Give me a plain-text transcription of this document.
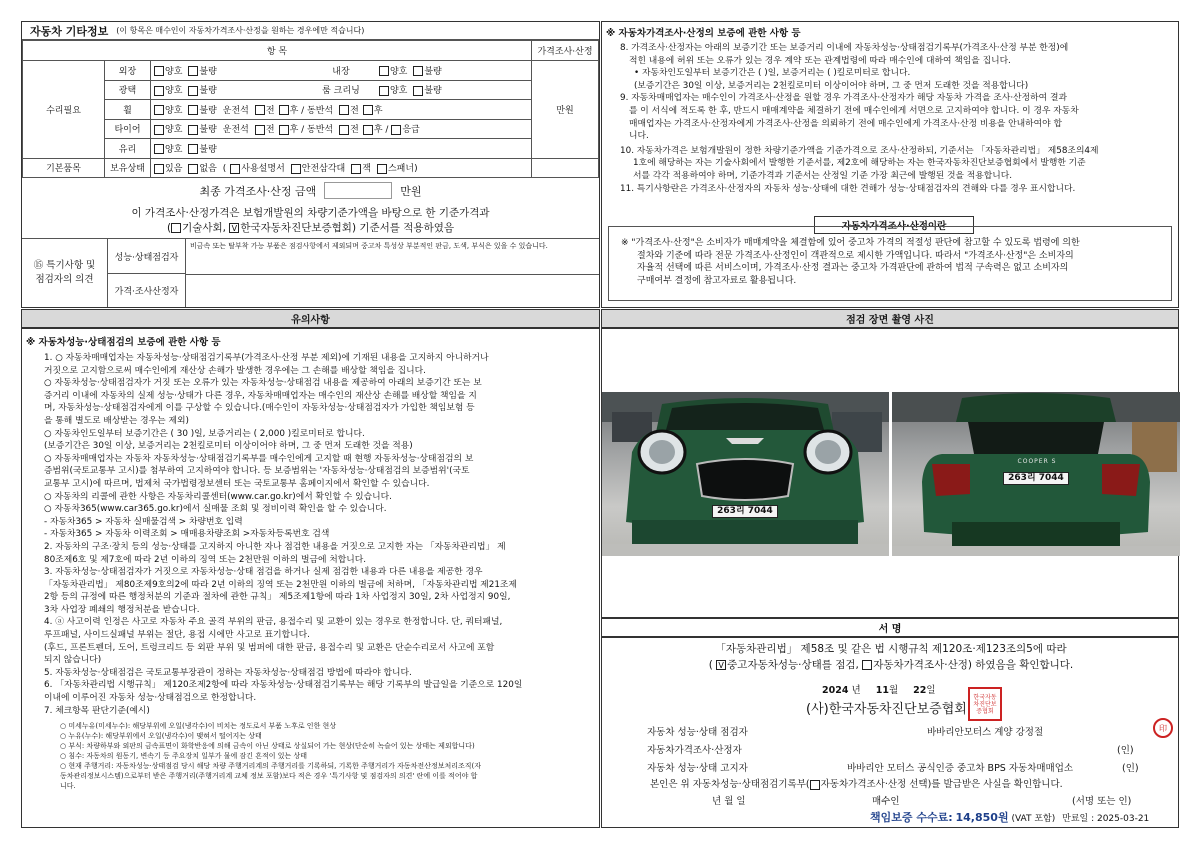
자동차 기타정보 (이 항목은 매수인이 자동차가격조사·산정을 원하는 경우에만 적습니다)
항 목					가격조사·산정
수리필요	외장	양호 불량	내장	양호 불량	만원
	광택	양호 불량	룸 크리닝	양호 불량	
	휠	양호 불량 운전석 전 후 / 동반석 전 후			
	타이어	양호 불량 운전석 전 후 / 동반석 전 후 / 응급			
	유리	양호 불량			
기본품목	보유상태	있음 없음 ( 사용설명서 안전삼각대 잭 스패너)			
최종 가격조사·산정 금액	만원
이 가격조사·산정가격은 보험개발원의 차량기준가액을 바탕으로 한 기준가격과
( 기술사회, V 한국자동차진단보증협회) 기준서를 적용하였음
⑮ 특기사항 및
점검자의 의견
성능·상태점검자
비금속 또는 탈부착 가능 부품은 점검사항에서 제외되며 중고차 특성상 부분적인 판금, 도색, 부식은 있을 수 있습니다.
가격·조사산정자
※ 자동차가격조사·산정의 보증에 관한 사항 등
8. 가격조사·산정자는 아래의 보증기간 또는 보증거리 이내에 자동차성능·상태점검기록부(가격조사·산정 부분 한정)에
적힌 내용에 허위 또는 오류가 있는 경우 계약 또는 관계법령에 따라 매수인에 대하여 책임을 집니다.
• 자동차인도일부터 보증기간은 ( )일, 보증거리는 ( )킬로미터로 합니다.
(보증기간은 30일 이상, 보증거리는 2천킬로미터 이상이어야 하며, 그 중 먼저 도래한 것을 적용합니다)
9. 자동차매매업자는 매수인이 가격조사·산정을 원할 경우 가격조사·산정자가 해당 자동차 가격을 조사·산정하여 결과
를 이 서식에 적도록 한 후, 반드시 매매계약을 체결하기 전에 매수인에게 서면으로 고지하여야 합니다. 이 경우 자동차
매매업자는 가격조사·산정자에게 가격조사·산정을 의뢰하기 전에 매수인에게 가격조사·산정 비용을 안내하여야 합
니다.
10. 자동차가격은 보험개발원이 정한 차량기준가액을 기준가격으로 조사·산정하되, 기준서는 「자동차관리법」 제58조의4제
1호에 해당하는 자는 기술사회에서 발행한 기준서를, 제2호에 해당하는 자는 한국자동차진단보증협회에서 발행한 기준
서를 각각 적용하여야 하며, 기준가격과 기준서는 산정일 기준 가장 최근에 발행된 것을 적용합니다.
11. 특기사항란은 가격조사·산정자의 자동차 성능·상태에 대한 견해가 성능·상태점검자의 견해와 다를 경우 표시합니다.
자동차가격조사·산정이란
※ "가격조사·산정"은 소비자가 매매계약을 체결함에 있어 중고차 가격의 적절성 판단에 참고할 수 있도록 법령에 의한
절차와 기준에 따라 전문 가격조사·산정인이 객관적으로 제시한 가액입니다. 따라서 "가격조사·산정"은 소비자의
자율적 선택에 따른 서비스이며, 가격조사·산정 결과는 중고차 가격판단에 관하여 법적 구속력은 없고 소비자의
구매여부 결정에 참고자료로 활용됩니다.
유의사항
※ 자동차성능·상태점검의 보증에 관한 사항 등
1. ○ 자동차매매업자는 자동차성능·상태점검기록부(가격조사·산정 부분 제외)에 기재된 내용을 고지하지 아니하거나
거짓으로 고지함으로써 매수인에게 재산상 손해가 발생한 경우에는 그 손해를 배상할 책임을 집니다.
○ 자동차성능·상태점검자가 거짓 또는 오류가 있는 자동차성능·상태점검 내용을 제공하여 아래의 보증기간 또는 보
증거리 이내에 자동차의 실제 성능·상태가 다른 경우, 자동차매매업자는 매수인의 재산상 손해를 배상할 책임을 지
며, 자동차성능·상태점검자에게 이를 구상할 수 있습니다.(매수인이 자동차성능·상태점검자가 가입한 책임보험 등
을 통해 별도로 배상받는 경우는 제외)
○ 자동차인도일부터 보증기간은 ( 30 )일, 보증거리는 ( 2,000 )킬로미터로 합니다.
(보증기간은 30일 이상, 보증거리는 2천킬로미터 이상이어야 하며, 그 중 먼저 도래한 것을 적용)
○ 자동차매매업자는 자동차 자동차성능·상태점검기록부를 매수인에게 고지할 때 현행 자동차성능·상태점검의 보
증범위(국토교통부 고시)를 첨부하여 고지하여야 합니다. 등 보증범위는 '자동차성능·상태점검의 보증범위'(국토
교통부 고시)에 따르며, 법제처 국가법령정보센터 또는 국토교통부 홈페이지에서 확인할 수 있습니다.
○ 자동차의 리콜에 관한 사항은 자동차리콜센터(www.car.go.kr)에서 확인할 수 있습니다.
○ 자동차365(www.car365.go.kr)에서 실매물 조회 및 정비이력 확인을 할 수 있습니다.
- 자동차365 > 자동차 실매물검색 > 차량번호 입력
- 자동차365 > 자동차 이력조회 > 매매용차량조회 >자동차등록번호 검색
2. 자동차의 구조·장치 등의 성능·상태를 고지하지 아니한 자나 점검한 내용을 거짓으로 고지한 자는 「자동차관리법」 제
80조제6호 및 제7호에 따라 2년 이하의 징역 또는 2천만원 이하의 벌금에 처합니다.
3. 자동차성능·상태점검자가 거짓으로 자동차성능·상태 점검을 하거나 실제 점검한 내용과 다른 내용을 제공한 경우
「자동차관리법」 제80조제9호의2에 따라 2년 이하의 징역 또는 2천만원 이하의 벌금에 처하며, 「자동차관리법 제21조제
2항 등의 규정에 따른 행정처분의 기준과 절차에 관한 규칙」 제5조제1항에 따라 1차 사업정지 30일, 2차 사업정지 90일,
3차 사업장 폐쇄의 행정처분을 받습니다.
4. ⓐ 사고이력 인정은 사고로 자동차 주요 골격 부위의 판금, 용접수리 및 교환이 있는 경우로 한정합니다. 단, 쿼터패널,
루프패널, 사이드실패널 부위는 절단, 용접 시에만 사고로 표기합니다.
(후드, 프론트펜더, 도어, 트렁크리드 등 외판 부위 및 범퍼에 대한 판금, 용접수리 및 교환은 단순수리로서 사고에 포함
되지 않습니다)
5. 자동차성능·상태점검은 국토교통부장관이 정하는 자동차성능·상태점검 방법에 따라야 합니다.
6. 「자동차관리법 시행규칙」 제120조제2항에 따라 자동차성능·상태점검기록부는 해당 기록부의 발급일을 기준으로 120일
이내에 이루어진 자동차 성능·상태점검으로 한정합니다.
7. 체크항목 판단기준(예시)
○ 미세누유(미세누수): 해당부위에 오일(냉각수)이 비치는 정도로서 부품 노후로 인한 현상
○ 누유(누수): 해당부위에서 오일(냉각수)이 맺혀서 떨어지는 상태
○ 부식: 차량하부와 외판의 금속표면이 화학반응에 의해 금속이 아닌 상태로 상실되어 가는 현상(단순히 녹슬어 있는 상태는 제외합니다)
○ 침수: 자동차의 원동기, 변속기 등 주요장치 일부가 물에 잠긴 흔적이 있는 상태
○ 현재 주행거리: 자동차성능·상태점검 당시 해당 차량 주행거리계의 주행거리를 기록하되, 기록한 주행거리가 자동차전산정보처리조직(자
동차관리정보시스템)으로부터 받은 주행거리(주행거리계 교체 정보 포함)보다 적은 경우 '특기사항 및 점검자의 의견' 란에 이를 적어야 합
니다.
점검 장면 촬영 사진
263리 7044
COOPER S
263리 7044
서 명
「자동차관리법」 제58조 및 같은 법 시행규칙 제120조·제123조의5에 따라
( V 중고자동차성능·상태를 점검, 자동차가격조사·산정) 하였음을 확인합니다.
2024 년 11월 22일
(사)한국자동차진단보증협회
한국자동차진단보증협회
자동차 성능·상태 점검자	바바리안모터스 계양 강정절	印
자동차가격조사·산정자	(인)
자동차 성능·상태 고지자	바바리안 모터스 공식인증 중고차 BPS 자동차매매업소	(인)
본인은 위 자동차성능·상태점검기록부( 자동차가격조사·산정 선택)를 발급받은 사실을 확인합니다.
년 월 일	매수인	(서명 또는 인)
책임보증 수수료: 14,850원 (VAT 포함) 만료일 : 2025-03-21
